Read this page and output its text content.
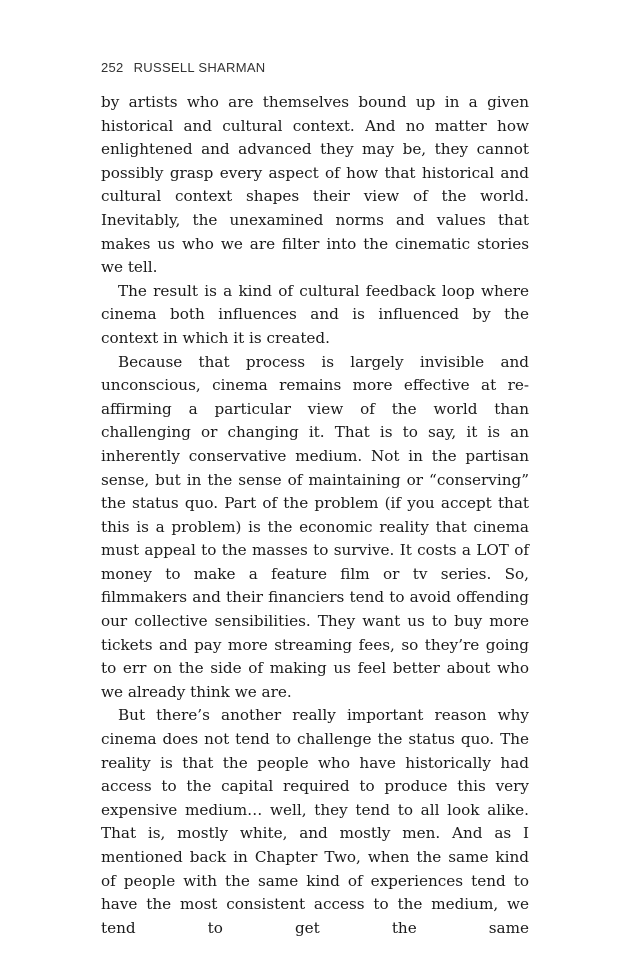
252 RUSSELL SHARMAN

by artists who are themselves bound up in a given historical and cultural context. And no matter how enlightened and advanced they may be, they cannot possibly grasp every aspect of how that historical and cultural context shapes their view of the world. Inevitably, the unexamined norms and values that makes us who we are filter into the cinematic stories we tell.

The result is a kind of cultural feedback loop where cinema both influences and is influenced by the context in which it is created.

Because that process is largely invisible and unconscious, cinema remains more effective at re-affirming a particular view of the world than challenging or changing it. That is to say, it is an inherently conservative medium. Not in the partisan sense, but in the sense of maintaining or “conserving” the status quo. Part of the problem (if you accept that this is a problem) is the economic reality that cinema must appeal to the masses to survive. It costs a LOT of money to make a feature film or tv series. So, filmmakers and their financiers tend to avoid offending our collective sensibilities. They want us to buy more tickets and pay more streaming fees, so they’re going to err on the side of making us feel better about who we already think we are.

But there’s another really important reason why cinema does not tend to challenge the status quo. The reality is that the people who have historically had access to the capital required to produce this very expensive medium… well, they tend to all look alike. That is, mostly white, and mostly men. And as I mentioned back in Chapter Two, when the same kind of people with the same kind of experiences tend to have the most consistent access to the medium, we tend to get the same
